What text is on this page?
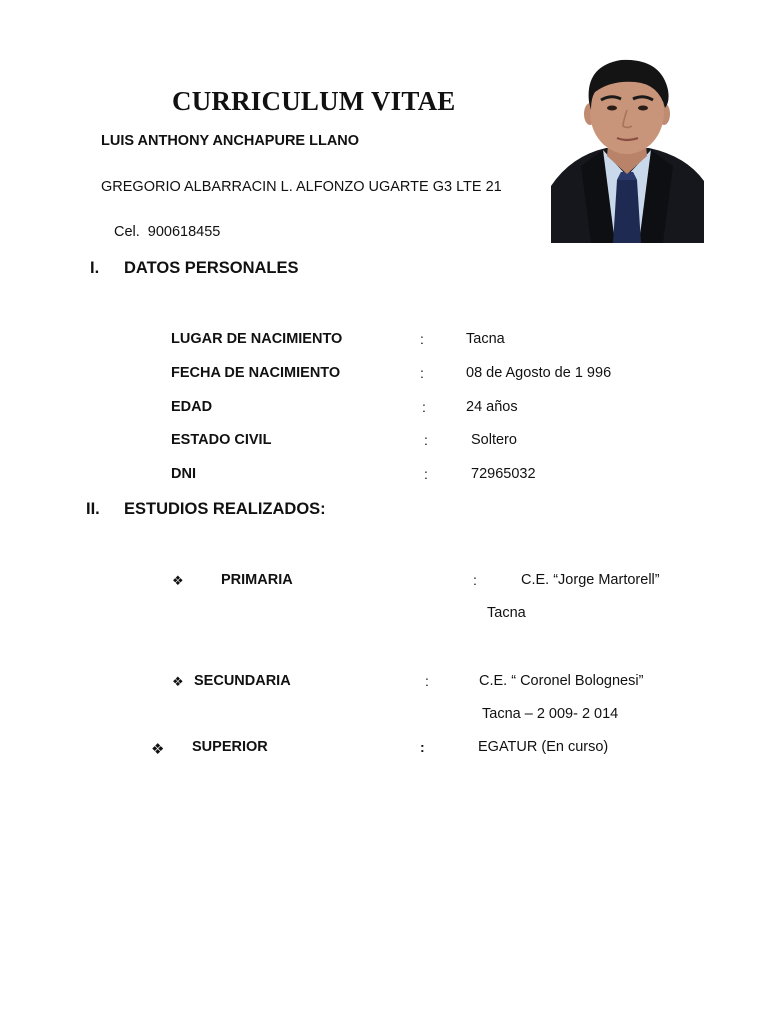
CURRICULUM VITAE
LUIS ANTHONY ANCHAPURE LLANO
GREGORIO ALBARRACIN L. ALFONZO UGARTE G3 LTE 21
Cel. 900618455
I. DATOS PERSONALES
LUGAR DE NACIMIENTO	:	Tacna
FECHA DE NACIMIENTO	:	08 de Agosto de 1 996
EDAD	:	24 años
ESTADO CIVIL	:	Soltero
DNI	:	72965032
II. ESTUDIOS REALIZADOS:
❖	PRIMARIA	:	C.E. “Jorge Martorell”
Tacna
❖ SECUNDARIA	:	C.E. “ Coronel Bolognesi”
Tacna – 2 009- 2 014
❖ SUPERIOR	:	EGATUR (En curso)
